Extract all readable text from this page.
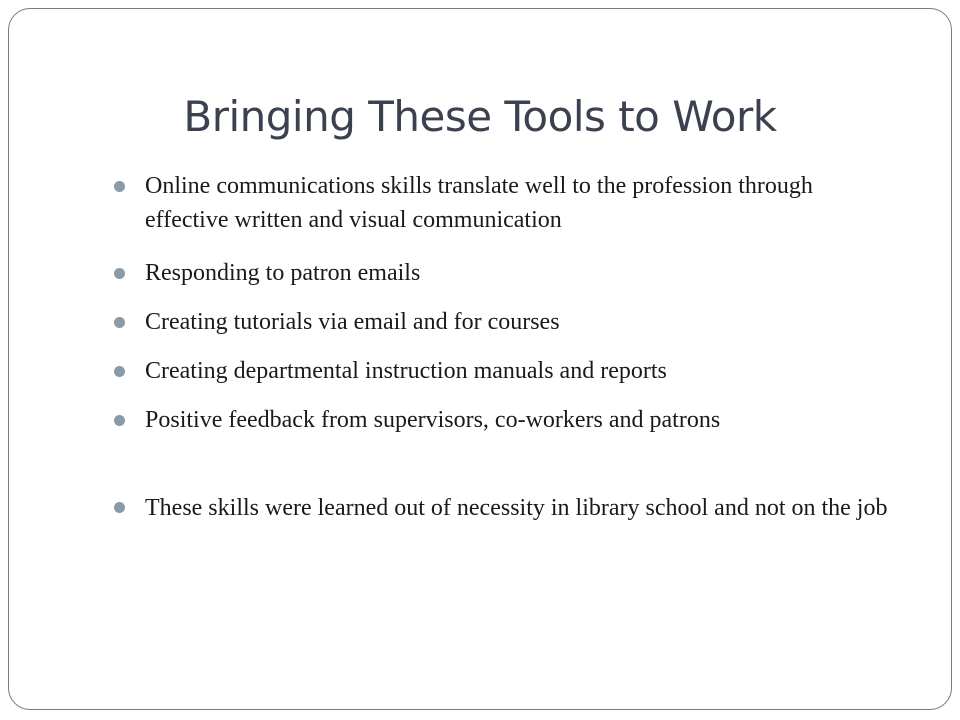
Bringing These Tools to Work
Online communications skills translate well to the profession through effective written and visual communication
Responding to patron emails
Creating tutorials via email and for courses
Creating departmental instruction manuals and reports
Positive feedback from supervisors, co-workers and patrons
These skills were learned out of necessity in library school and not on the job
